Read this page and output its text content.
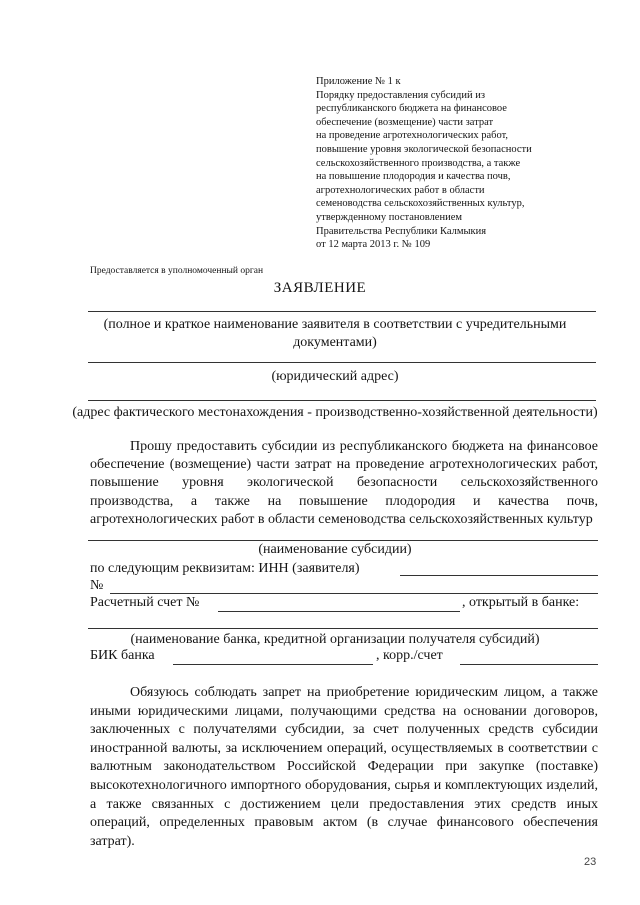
Приложение № 1 к
Порядку предоставления субсидий из
республиканского бюджета на финансовое
обеспечение (возмещение) части затрат
на проведение агротехнологических работ,
повышение уровня экологической безопасности
сельскохозяйственного производства, а также
на повышение плодородия и качества почв,
агротехнологических работ в области
семеноводства сельскохозяйственных культур,
утвержденному постановлением
Правительства Республики Калмыкия
от 12 марта 2013 г. № 109
Предоставляется в уполномоченный орган
ЗАЯВЛЕНИЕ
(полное и краткое наименование заявителя в соответствии с учредительными документами)
(юридический адрес)
(адрес фактического местонахождения - производственно-хозяйственной деятельности)
Прошу предоставить субсидии из республиканского бюджета на финансовое обеспечение (возмещение) части затрат на проведение агротехнологических работ, повышение уровня экологической безопасности сельскохозяйственного производства, а также на повышение плодородия и качества почв, агротехнологических работ в области семеноводства сельскохозяйственных культур
(наименование субсидии)
по следующим реквизитам: ИНН (заявителя)
№
Расчетный счет №	, открытый в банке:
(наименование банка, кредитной организации получателя субсидий)
БИК банка	, корр./счет
Обязуюсь соблюдать запрет на приобретение юридическим лицом, а также иными юридическими лицами, получающими средства на основании договоров, заключенных с получателями субсидии, за счет полученных средств субсидии иностранной валюты, за исключением операций, осуществляемых в соответствии с валютным законодательством Российской Федерации при закупке (поставке) высокотехнологичного импортного оборудования, сырья и комплектующих изделий, а также связанных с достижением цели предоставления этих средств иных операций, определенных правовым актом (в случае финансового обеспечения затрат).
23
